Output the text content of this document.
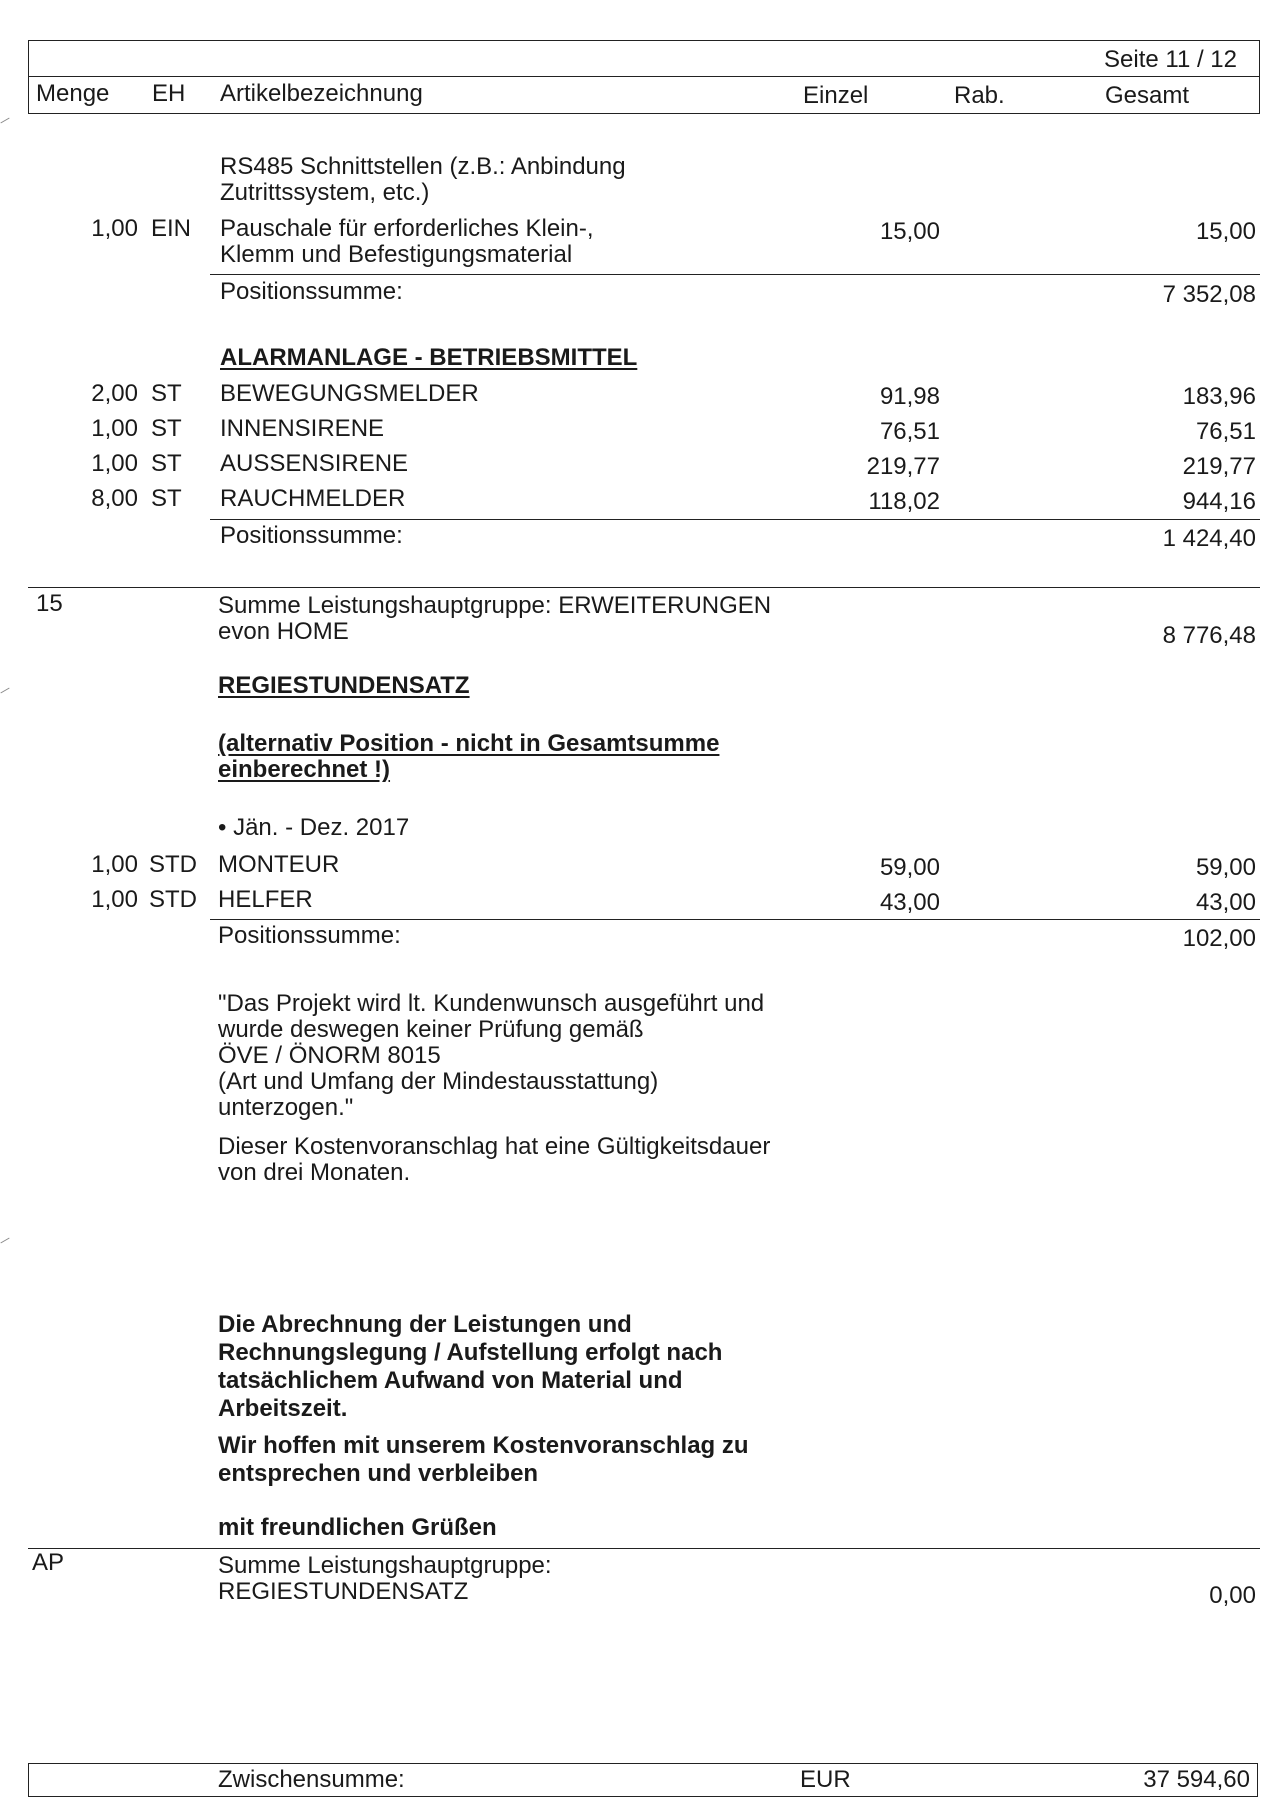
Seite 11 / 12
Menge EH Artikelbezeichnung	Einzel	Rab.	Gesamt
RS485 Schnittstellen (z.B.: Anbindung
Zutrittssystem, etc.)
1,00 EIN Pauschale für erforderliches Klein-,
Klemm und Befestigungsmaterial
15,00	15,00
Positionssumme:	7 352,08
ALARMANLAGE - BETRIEBSMITTEL
2,00 ST BEWEGUNGSMELDER	91,98	183,96
1,00 ST INNENSIRENE	76,51	76,51
1,00 ST AUSSENSIRENE	219,77	219,77
8,00 ST RAUCHMELDER	118,02	944,16
Positionssumme:	1 424,40
15	Summe Leistungshauptgruppe: ERWEITERUNGEN
evon HOME	8 776,48
REGIESTUNDENSATZ
(alternativ Position - nicht in Gesamtsumme
einberechnet !)
• Jän. - Dez. 2017
1,00 STD MONTEUR	59,00	59,00
1,00 STD HELFER	43,00	43,00
Positionssumme:	102,00
"Das Projekt wird lt. Kundenwunsch ausgeführt und
wurde deswegen keiner Prüfung gemäß
ÖVE / ÖNORM 8015
(Art und Umfang der Mindestausstattung)
unterzogen."
Dieser Kostenvoranschlag hat eine Gültigkeitsdauer
von drei Monaten.
Die Abrechnung der Leistungen und
Rechnungslegung / Aufstellung erfolgt nach
tatsächlichem Aufwand von Material und
Arbeitszeit.
Wir hoffen mit unserem Kostenvoranschlag zu
entsprechen und verbleiben
mit freundlichen Grüßen
AP	Summe Leistungshauptgruppe:
REGIESTUNDENSATZ	0,00
Zwischensumme:	EUR	37 594,60
